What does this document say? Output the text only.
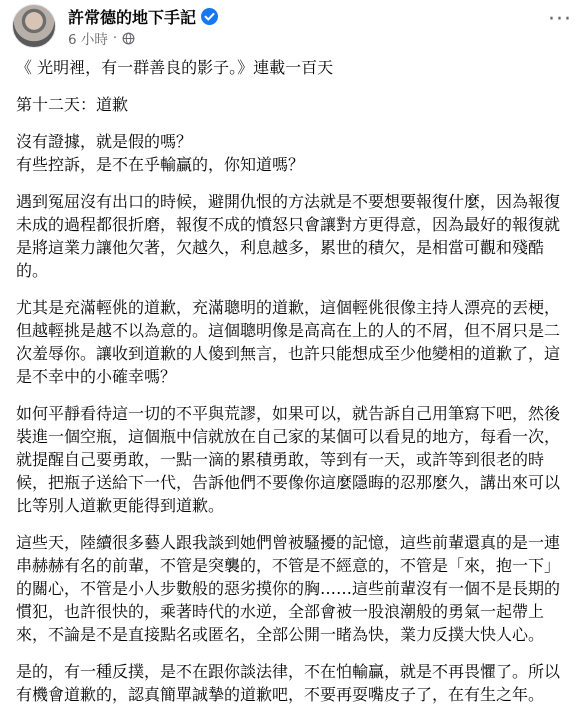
許常德的地下手記
6 小時 ·
···

《 光明裡，有一群善良的影子。》連載一百天

第十二天：道歉

沒有證據，就是假的嗎？
有些控訴，是不在乎輸贏的，你知道嗎？

遇到冤屈沒有出口的時候，避開仇恨的方法就是不要想要報復什麼，因為報復未成的過程都很折磨，報復不成的憤怒只會讓對方更得意，因為最好的報復就是將這業力讓他欠著，欠越久，利息越多，累世的積欠，是相當可觀和殘酷的。

尤其是充滿輕佻的道歉，充滿聰明的道歉，這個輕佻很像主持人漂亮的丟梗，但越輕挑是越不以為意的。這個聰明像是高高在上的人的不屑，但不屑只是二次羞辱你。讓收到道歉的人傻到無言，也許只能想成至少他變相的道歉了，這是不幸中的小確幸嗎？

如何平靜看待這一切的不平與荒謬，如果可以，就告訴自己用筆寫下吧，然後裝進一個空瓶，這個瓶中信就放在自己家的某個可以看見的地方，每看一次，就提醒自己要勇敢，一點一滴的累積勇敢，等到有一天，或許等到很老的時候，把瓶子送給下一代，告訴他們不要像你這麼隱晦的忍那麼久，講出來可以比等別人道歉更能得到道歉。

這些天，陸續很多藝人跟我談到她們曾被騷擾的記憶，這些前輩還真的是一連串赫赫有名的前輩，不管是突襲的，不管是不經意的，不管是「來，抱一下」的關心，不管是小人步數般的惡劣摸你的胸……這些前輩沒有一個不是長期的慣犯，也許很快的，乘著時代的水逆，全部會被一股浪潮般的勇氣一起帶上來，不論是不是直接點名或匿名，全部公開一睹為快，業力反撲大快人心。

是的，有一種反撲，是不在跟你談法律，不在怕輸贏，就是不再畏懼了。所以有機會道歉的，認真簡單誠摯的道歉吧，不要再耍嘴皮子了，在有生之年。
